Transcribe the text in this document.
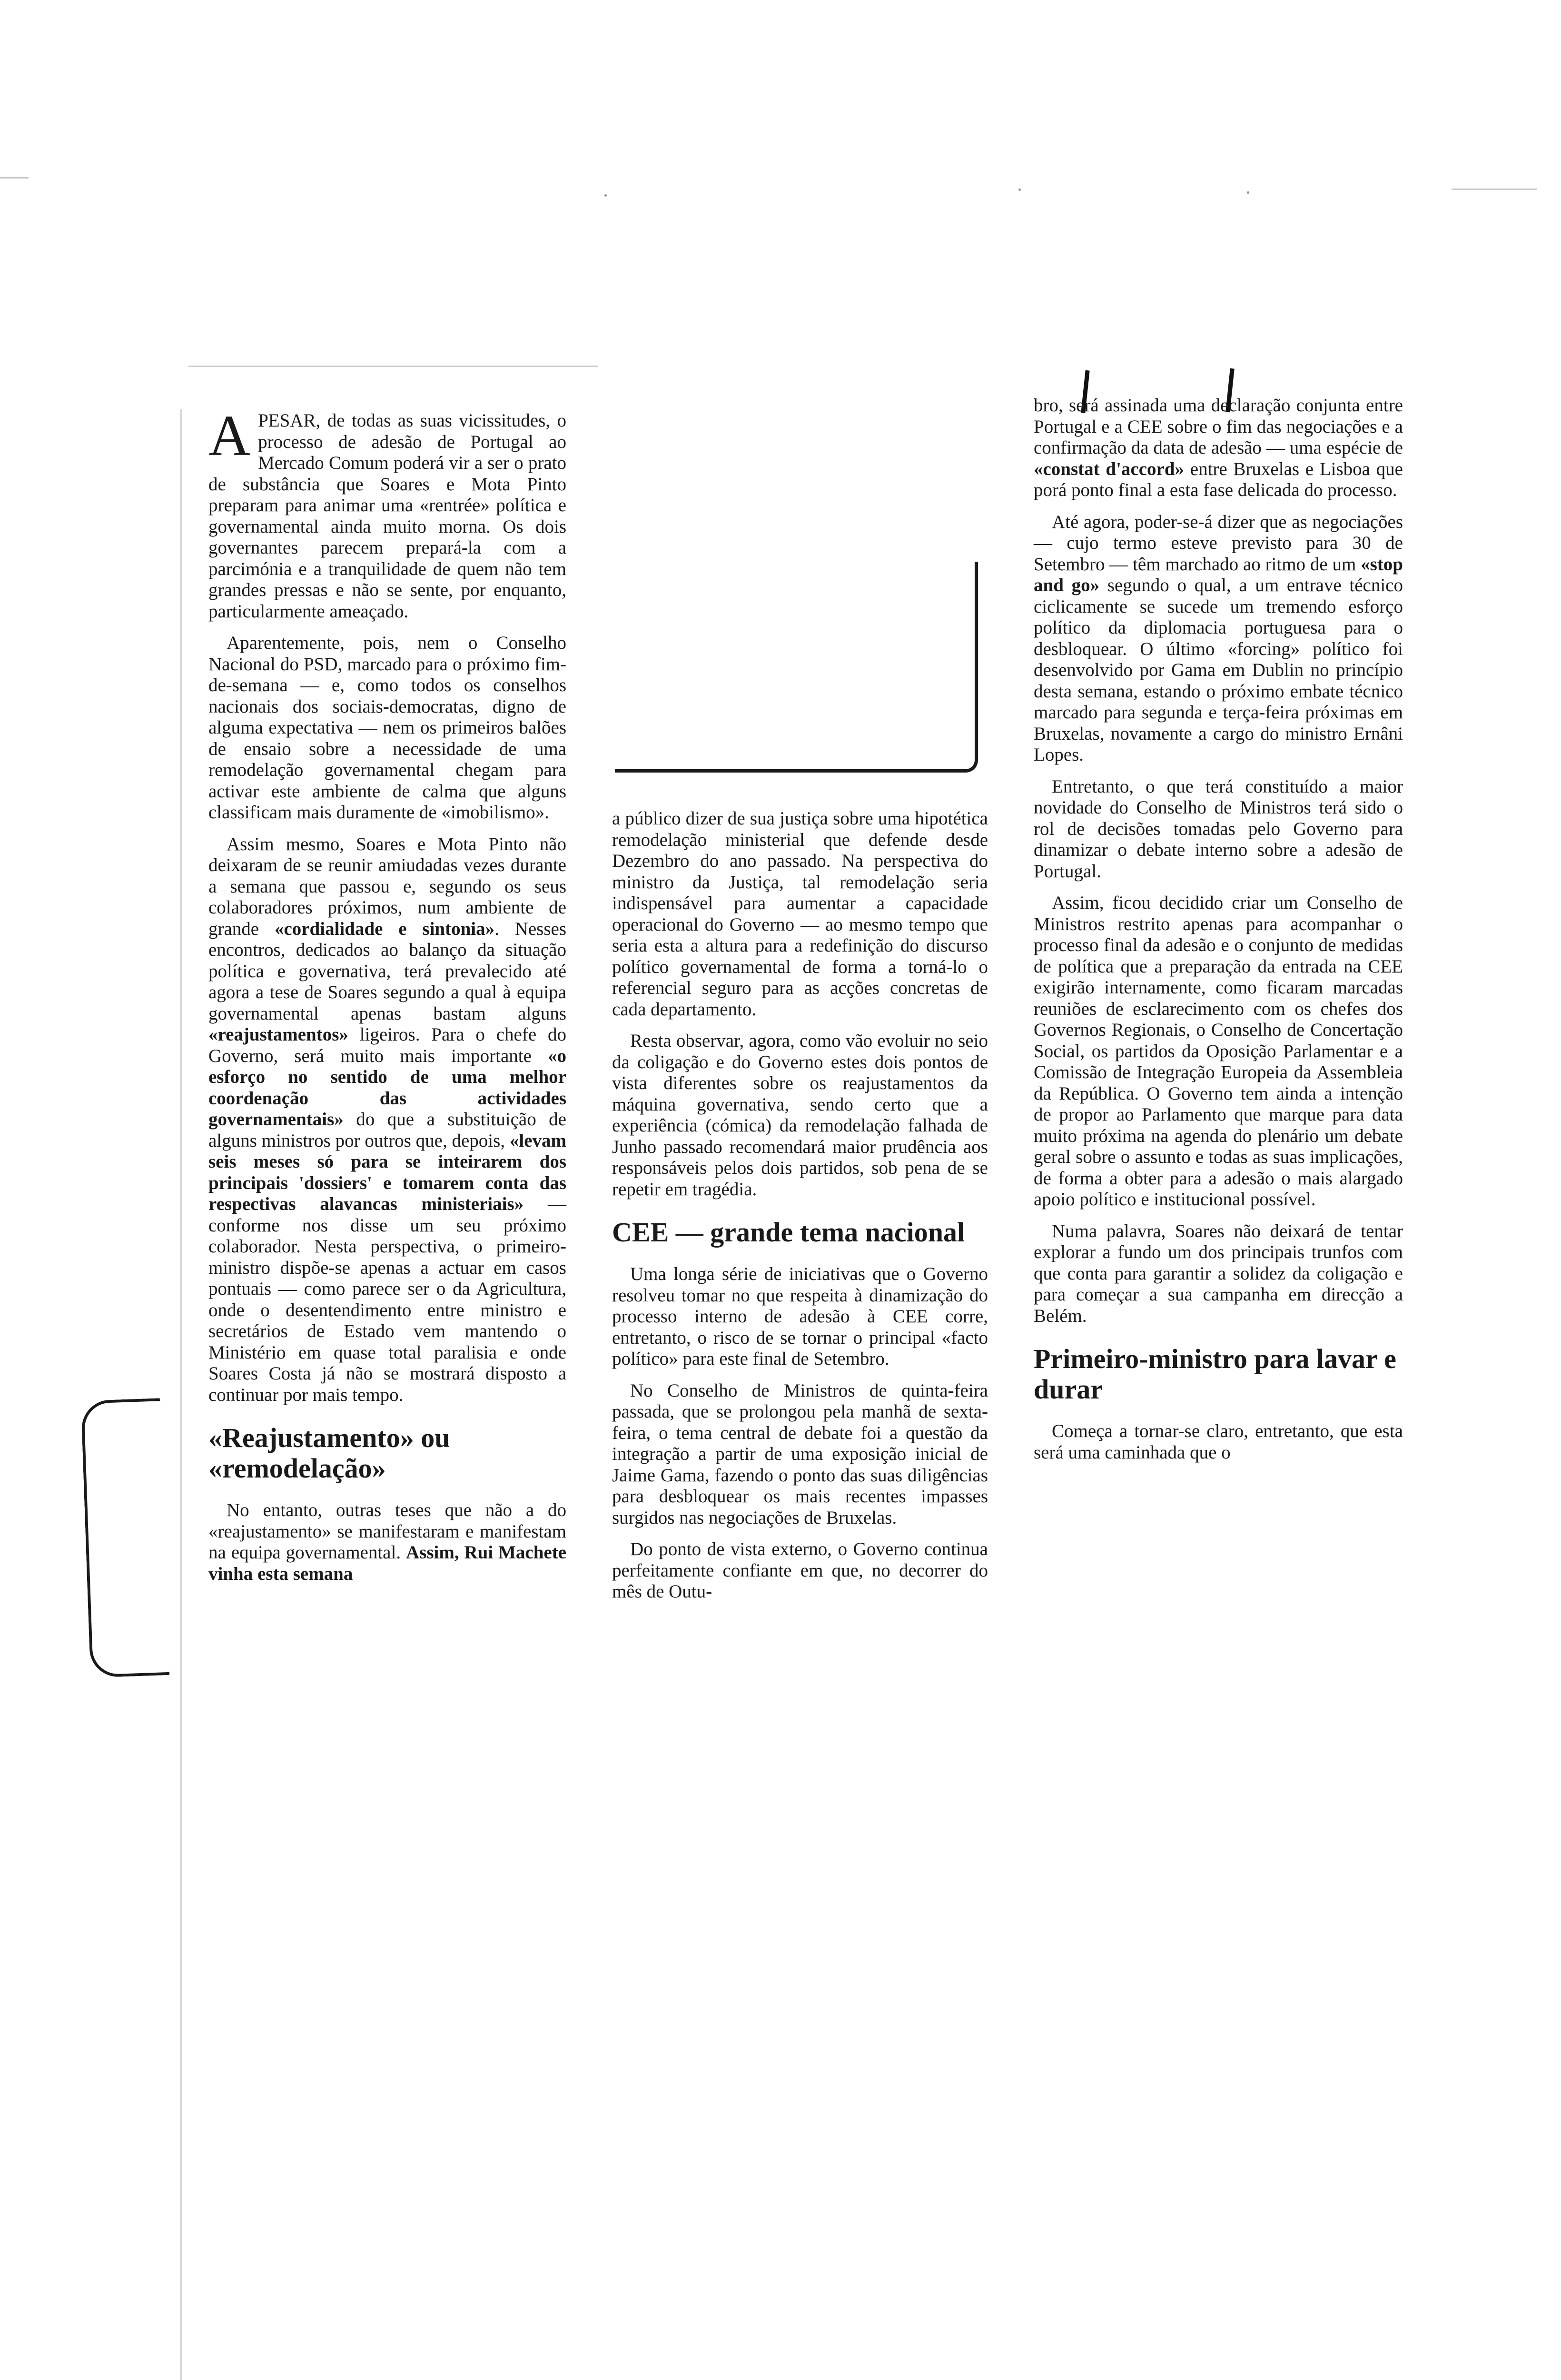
APESAR, de todas as suas vicissitudes, o processo de adesão de Portugal ao Mercado Comum poderá vir a ser o prato de substância que Soares e Mota Pinto preparam para animar uma «rentrée» política e governamental ainda muito morna. Os dois governantes parecem prepará-la com a parcimónia e a tranquilidade de quem não tem grandes pressas e não se sente, por enquanto, particularmente ameaçado.

Aparentemente, pois, nem o Conselho Nacional do PSD, marcado para o próximo fim-de-semana — e, como todos os conselhos nacionais dos sociais-democratas, digno de alguma expectativa — nem os primeiros balões de ensaio sobre a necessidade de uma remodelação governamental chegam para activar este ambiente de calma que alguns classificam mais duramente de «imobilismo».

Assim mesmo, Soares e Mota Pinto não deixaram de se reunir amiudadas vezes durante a semana que passou e, segundo os seus colaboradores próximos, num ambiente de grande «cordialidade e sintonia». Nesses encontros, dedicados ao balanço da situação política e governativa, terá prevalecido até agora a tese de Soares segundo a qual à equipa governamental apenas bastam alguns «reajustamentos» ligeiros. Para o chefe do Governo, será muito mais importante «o esforço no sentido de uma melhor coordenação das actividades governamentais» do que a substituição de alguns ministros por outros que, depois, «levam seis meses só para se inteirarem dos principais 'dossiers' e tomarem conta das respectivas alavancas ministeriais» —conforme nos disse um seu próximo colaborador. Nesta perspectiva, o primeiro-ministro dispõe-se apenas a actuar em casos pontuais — como parece ser o da Agricultura, onde o desentendimento entre ministro e secretários de Estado vem mantendo o Ministério em quase total paralisia e onde Soares Costa já não se mostrará disposto a continuar por mais tempo.

«Reajustamento» ou «remodelação»

No entanto, outras teses que não a do «reajustamento» se manifestaram e manifestam na equipa governamental. Assim, Rui Machete vinha esta semana

a público dizer de sua justiça sobre uma hipotética remodelação ministerial que defende desde Dezembro do ano passado. Na perspectiva do ministro da Justiça, tal remodelação seria indispensável para aumentar a capacidade operacional do Governo — ao mesmo tempo que seria esta a altura para a redefinição do discurso político governamental de forma a torná-lo o referencial seguro para as acções concretas de cada departamento.

Resta observar, agora, como vão evoluir no seio da coligação e do Governo estes dois pontos de vista diferentes sobre os reajustamentos da máquina governativa, sendo certo que a experiência (cómica) da remodelação falhada de Junho passado recomendará maior prudência aos responsáveis pelos dois partidos, sob pena de se repetir em tragédia.

CEE — grande tema nacional

Uma longa série de iniciativas que o Governo resolveu tomar no que respeita à dinamização do processo interno de adesão à CEE corre, entretanto, o risco de se tornar o principal «facto político» para este final de Setembro.

No Conselho de Ministros de quinta-feira passada, que se prolongou pela manhã de sexta-feira, o tema central de debate foi a questão da integração a partir de uma exposição inicial de Jaime Gama, fazendo o ponto das suas diligências para desbloquear os mais recentes impasses surgidos nas negociações de Bruxelas.

Do ponto de vista externo, o Governo continua perfeitamente confiante em que, no decorrer do mês de Outu-

bro, será assinada uma declaração conjunta entre Portugal e a CEE sobre o fim das negociações e a confirmação da data de adesão — uma espécie de «constat d'accord» entre Bruxelas e Lisboa que porá ponto final a esta fase delicada do processo.

Até agora, poder-se-á dizer que as negociações — cujo termo esteve previsto para 30 de Setembro — têm marchado ao ritmo de um «stop and go» segundo o qual, a um entrave técnico ciclicamente se sucede um tremendo esforço político da diplomacia portuguesa para o desbloquear. O último «forcing» político foi desenvolvido por Gama em Dublin no princípio desta semana, estando o próximo embate técnico marcado para segunda e terça-feira próximas em Bruxelas, novamente a cargo do ministro Ernâni Lopes.

Entretanto, o que terá constituído a maior novidade do Conselho de Ministros terá sido o rol de decisões tomadas pelo Governo para dinamizar o debate interno sobre a adesão de Portugal.

Assim, ficou decidido criar um Conselho de Ministros restrito apenas para acompanhar o processo final da adesão e o conjunto de medidas de política que a preparação da entrada na CEE exigirão internamente, como ficaram marcadas reuniões de esclarecimento com os chefes dos Governos Regionais, o Conselho de Concertação Social, os partidos da Oposição Parlamentar e a Comissão de Integração Europeia da Assembleia da República. O Governo tem ainda a intenção de propor ao Parlamento que marque para data muito próxima na agenda do plenário um debate geral sobre o assunto e todas as suas implicações, de forma a obter para a adesão o mais alargado apoio político e institucional possível.

Numa palavra, Soares não deixará de tentar explorar a fundo um dos principais trunfos com que conta para garantir a solidez da coligação e para começar a sua campanha em direcção a Belém.

Primeiro-ministro para lavar e durar

Começa a tornar-se claro, entretanto, que esta será uma caminhada que o
